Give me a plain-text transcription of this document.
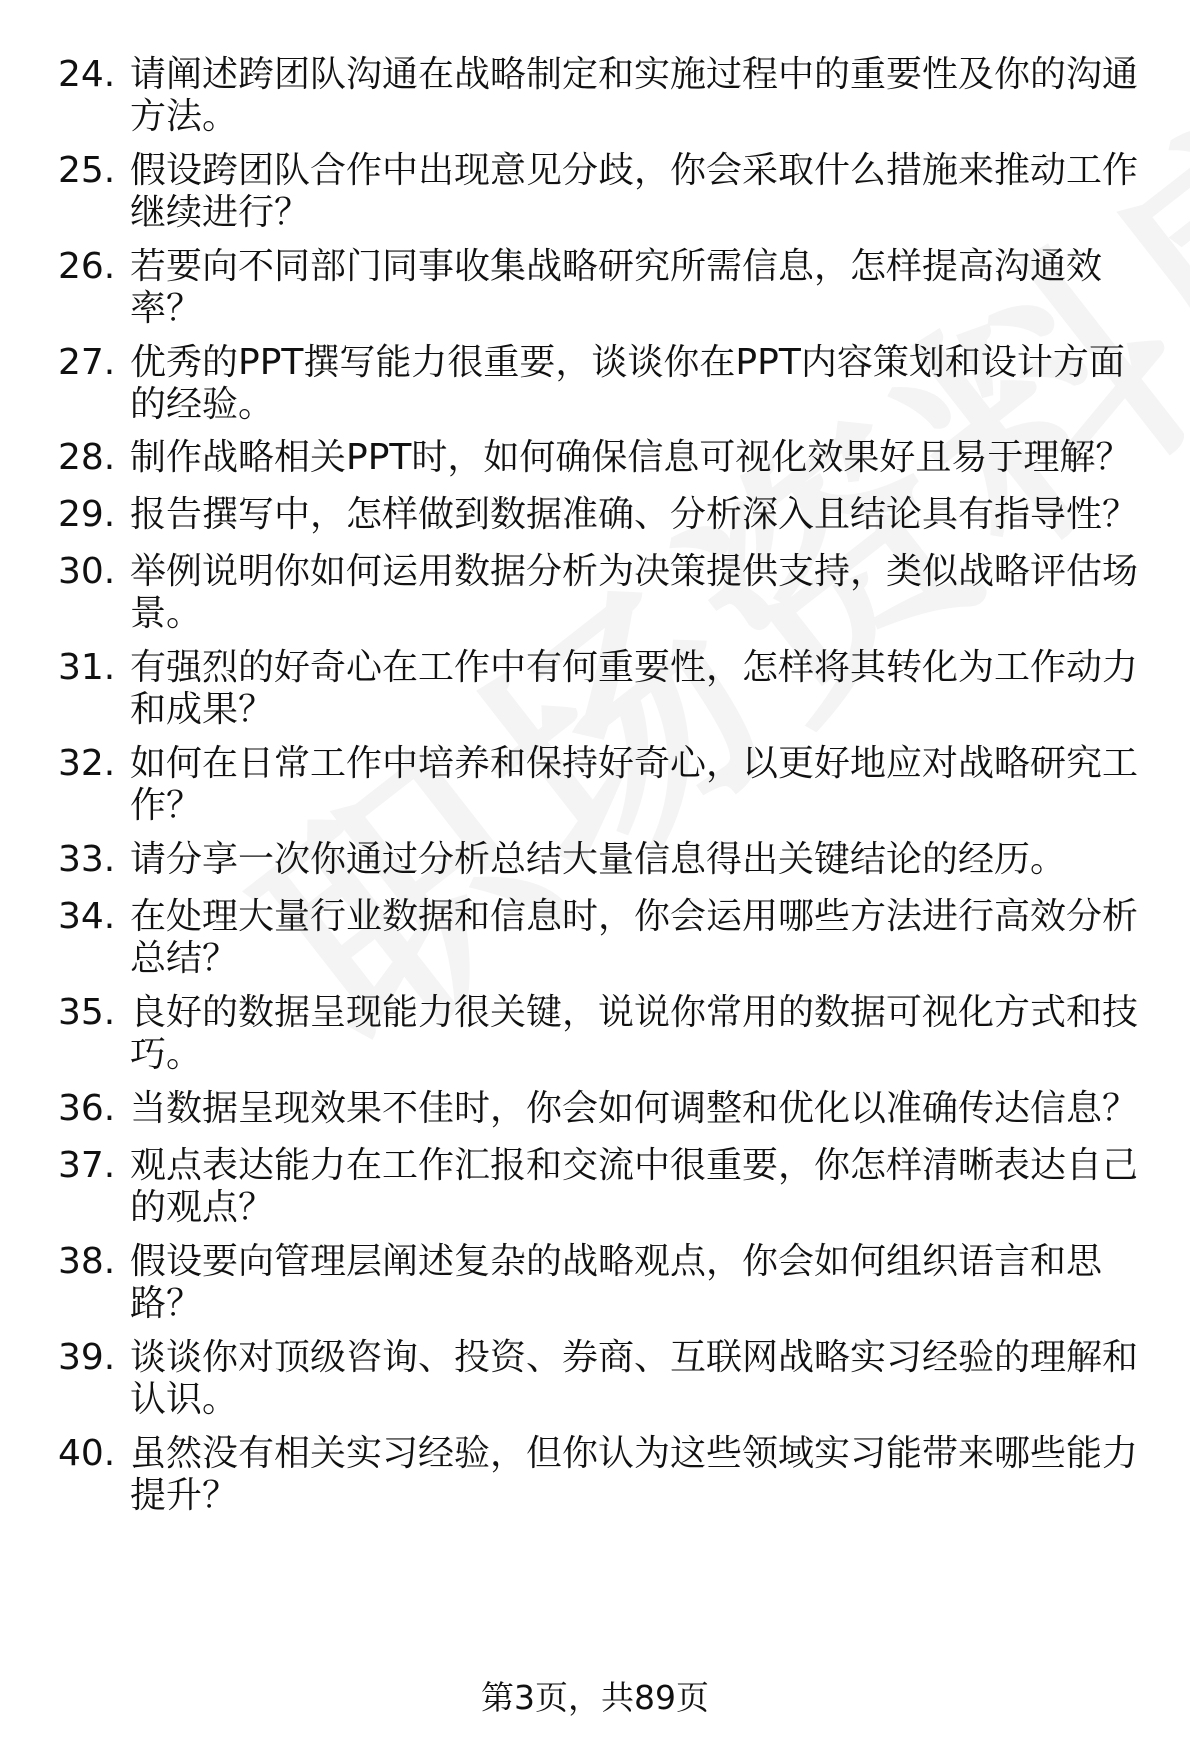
24. 请阐述跨团队沟通在战略制定和实施过程中的重要性及你的沟通方法。
25. 假设跨团队合作中出现意见分歧，你会采取什么措施来推动工作继续进行？
26. 若要向不同部门同事收集战略研究所需信息，怎样提高沟通效率？
27. 优秀的PPT撰写能力很重要，谈谈你在PPT内容策划和设计方面的经验。
28. 制作战略相关PPT时，如何确保信息可视化效果好且易于理解？
29. 报告撰写中，怎样做到数据准确、分析深入且结论具有指导性？
30. 举例说明你如何运用数据分析为决策提供支持，类似战略评估场景。
31. 有强烈的好奇心在工作中有何重要性，怎样将其转化为工作动力和成果？
32. 如何在日常工作中培养和保持好奇心，以更好地应对战略研究工作？
33. 请分享一次你通过分析总结大量信息得出关键结论的经历。
34. 在处理大量行业数据和信息时，你会运用哪些方法进行高效分析总结？
35. 良好的数据呈现能力很关键，说说你常用的数据可视化方式和技巧。
36. 当数据呈现效果不佳时，你会如何调整和优化以准确传达信息？
37. 观点表达能力在工作汇报和交流中很重要，你怎样清晰表达自己的观点？
38. 假设要向管理层阐述复杂的战略观点，你会如何组织语言和思路？
39. 谈谈你对顶级咨询、投资、券商、互联网战略实习经验的理解和认识。
40. 虽然没有相关实习经验，但你认为这些领域实习能带来哪些能力提升？
第3页，共89页
